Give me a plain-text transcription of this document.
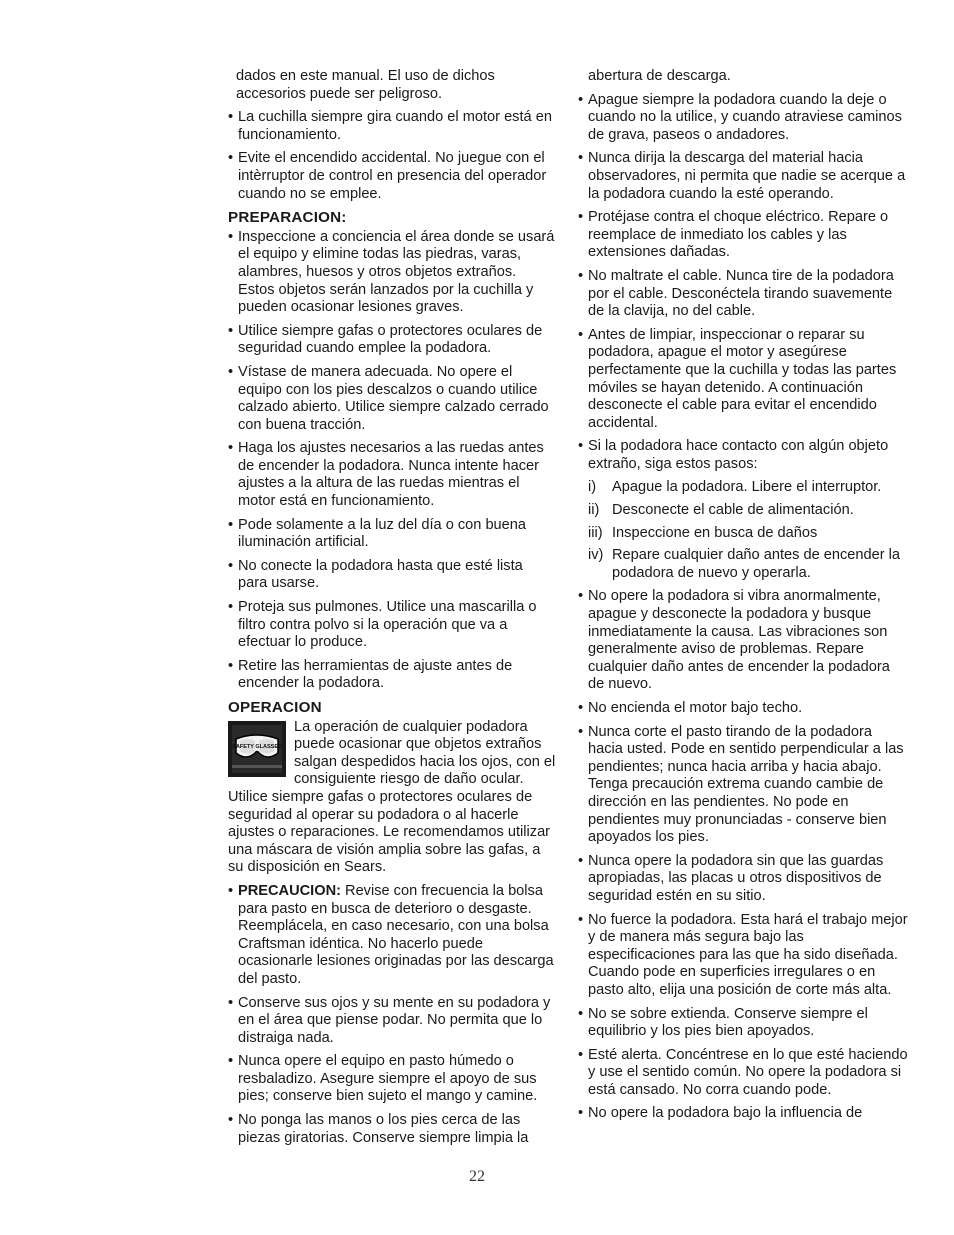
dados en este manual. El uso de dichos accesorios puede ser peligroso.

• La cuchilla siempre gira cuando el motor está en funcionamiento.
• Evite el encendido accidental. No juegue con el intèrruptor de control en presencia del operador cuando no se emplee.
PREPARACION:
• Inspeccione a conciencia el área donde se usará el equipo y elimine todas las piedras, varas, alambres, huesos y otros objetos extraños. Estos objetos serán lanzados por la cuchilla y pueden ocasionar lesiones graves.
• Utilice siempre gafas o protectores oculares de seguridad cuando emplee la podadora.
• Vístase de manera adecuada. No opere el equipo con los pies descalzos o cuando utilice calzado abierto. Utilice siempre calzado cerrado con buena tracción.
• Haga los ajustes necesarios a las ruedas antes de encender la podadora. Nunca intente hacer ajustes a la altura de las ruedas mientras el motor está en funcionamiento.
• Pode solamente a la luz del día o con buena iluminación artificial.
• No conecte la podadora hasta que esté lista para usarse.
• Proteja sus pulmones. Utilice una mascarilla o filtro contra polvo si la operación que va a efectuar lo produce.
• Retire las herramientas de ajuste antes de encender la podadora.
OPERACION
SAFETY GLASSES

La operación de cualquier podadora puede ocasionar que objetos extraños salgan despedidos hacia los ojos, con el consiguiente riesgo de daño ocular. Utilice siempre gafas o protectores oculares de seguridad al operar su podadora o al hacerle ajustes o reparaciones. Le recomendamos utilizar una máscara de visión amplia sobre las gafas, a su disposición en Sears.

• PRECAUCION: Revise con frecuencia la bolsa para pasto en busca de deterioro o desgaste. Reemplácela, en caso necesario, con una bolsa Craftsman idéntica. No hacerlo puede ocasionarle lesiones originadas por las descarga del pasto.
• Conserve sus ojos y su mente en su podadora y en el área que piense podar. No permita que lo distraiga nada.
• Nunca opere el equipo en pasto húmedo o resbaladizo. Asegure siempre el apoyo de sus pies; conserve bien sujeto el mango y camine.
• No ponga las manos o los pies cerca de las piezas giratorias. Conserve siempre limpia la

abertura de descarga.

• Apague siempre la podadora cuando la deje o cuando no la utilice, y cuando atraviese caminos de grava, paseos o andadores.
• Nunca dirija la descarga del material hacia observadores, ni permita que nadie se acerque a la podadora cuando la esté operando.
• Protéjase contra el choque eléctrico. Repare o reemplace de inmediato los cables y las extensiones dañadas.
• No maltrate el cable. Nunca tire de la podadora por el cable. Desconéctela tirando suavemente de la clavija, no del cable.
• Antes de limpiar, inspeccionar o reparar su podadora, apague el motor y asegúrese perfectamente que la cuchilla y todas las partes móviles se hayan detenido. A continuación desconecte el cable para evitar el encendido accidental.
• Si la podadora hace contacto con algún objeto extraño, siga estos pasos:
i) Apague la podadora. Libere el interruptor.
ii) Desconecte el cable de alimentación.
iii) Inspeccione en busca de daños
iv) Repare cualquier daño antes de encender la podadora de nuevo y operarla.
• No opere la podadora si vibra anormalmente, apague y desconecte la podadora y busque inmediatamente la causa. Las vibraciones son generalmente aviso de problemas. Repare cualquier daño antes de encender la podadora de nuevo.
• No encienda el motor bajo techo.
• Nunca corte el pasto tirando de la podadora hacia usted. Pode en sentido perpendicular a las pendientes; nunca hacia arriba y hacia abajo. Tenga precaución extrema cuando cambie de dirección en las pendientes. No pode en pendientes muy pronunciadas - conserve bien apoyados los pies.
• Nunca opere la podadora sin que las guardas apropiadas, las placas u otros dispositivos de seguridad estén en su sitio.
• No fuerce la podadora. Esta hará el trabajo mejor y de manera más segura bajo las especificaciones para las que ha sido diseñada. Cuando pode en superficies irregulares o en pasto alto, elija una posición de corte más alta.
• No se sobre extienda. Conserve siempre el equilibrio y los pies bien apoyados.
• Esté alerta. Concéntrese en lo que esté haciendo y use el sentido común. No opere la podadora si está cansado. No corra cuando pode.
• No opere la podadora bajo la influencia de
22
